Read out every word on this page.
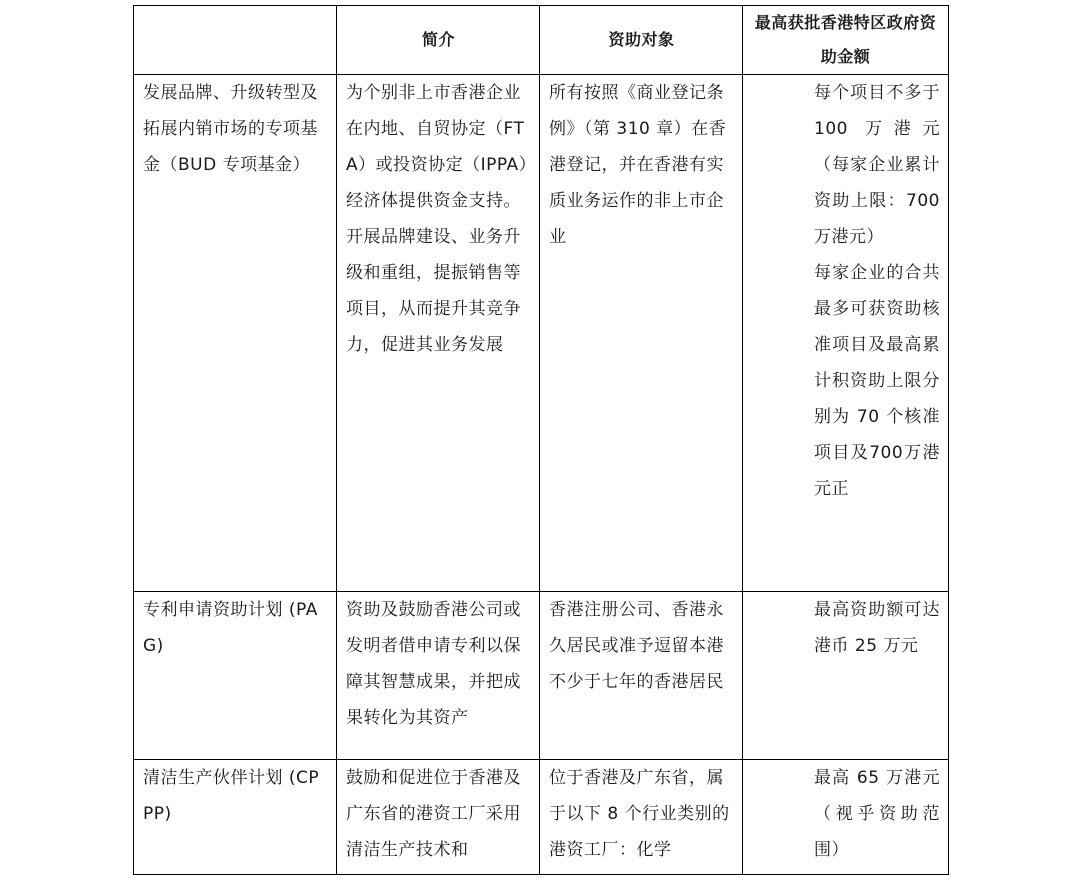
	简介	资助对象	最高获批香港特区政府资助金额
发展品牌、升级转型及拓展内销市场的专项基金（BUD 专项基金）	为个别非上市香港企业在内地、自贸协定（FTA）或投资协定（IPPA）经济体提供资金支持。开展品牌建设、业务升级和重组，提振销售等项目，从而提升其竞争力，促进其业务发展	所有按照《商业登记条例》（第 310 章）在香港登记，并在香港有实质业务运作的非上市企业	每个项目不多于 100 万港元 （每家企业累计资助上限：700 万港元）
每家企业的合共最多可获资助核准项目及最高累计积资助上限分别为 70 个核准项目及700万港元正

专利申请资助计划 (PAG)	资助及鼓励香港公司或发明者借申请专利以保障其智慧成果，并把成果转化为其资产	香港注册公司、香港永久居民或准予逗留本港不少于七年的香港居民	最高资助额可达港币 25 万元

清洁生产伙伴计划 (CPPP)	鼓励和促进位于香港及广东省的港资工厂采用清洁生产技术和	位于香港及广东省，属于以下 8 个行业类别的港资工厂：化学	最高 65 万港元（视乎资助范围）
